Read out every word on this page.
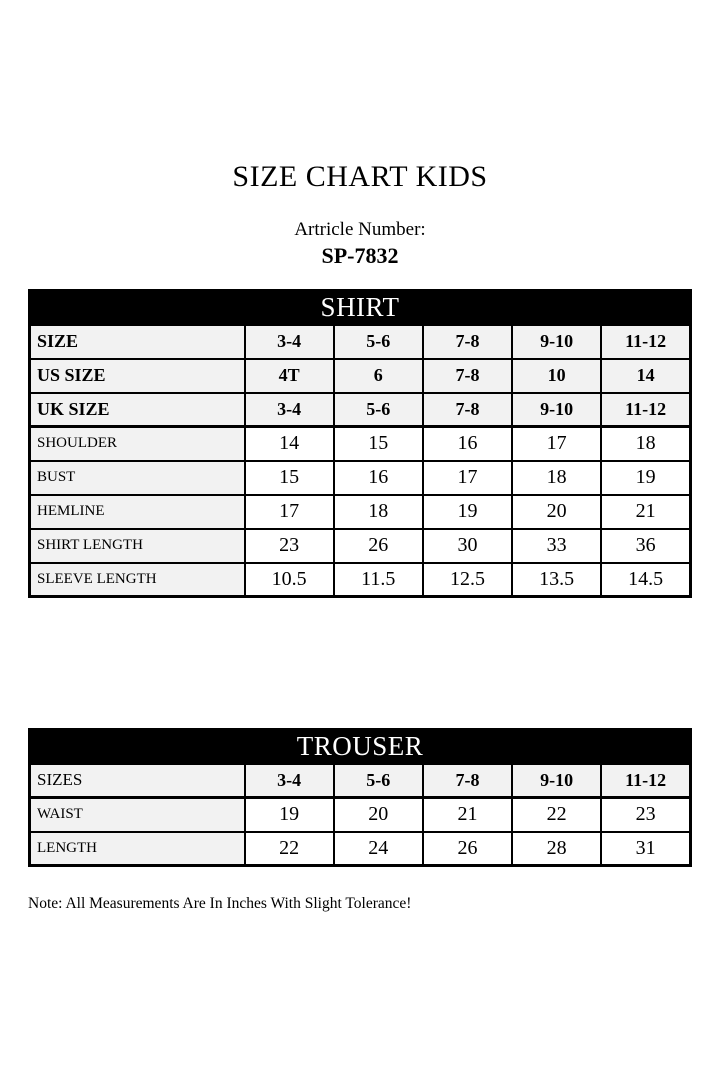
SIZE CHART KIDS
Artricle Number:
SP-7832
SHIRT					
SIZE	3-4	5-6	7-8	9-10	11-12
US SIZE	4T	6	7-8	10	14
UK SIZE	3-4	5-6	7-8	9-10	11-12
SHOULDER	14	15	16	17	18
BUST	15	16	17	18	19
HEMLINE	17	18	19	20	21
SHIRT LENGTH	23	26	30	33	36
SLEEVE LENGTH	10.5	11.5	12.5	13.5	14.5
TROUSER					
SIZES	3-4	5-6	7-8	9-10	11-12
WAIST	19	20	21	22	23
LENGTH	22	24	26	28	31
Note: All Measurements Are In Inches With Slight Tolerance!
